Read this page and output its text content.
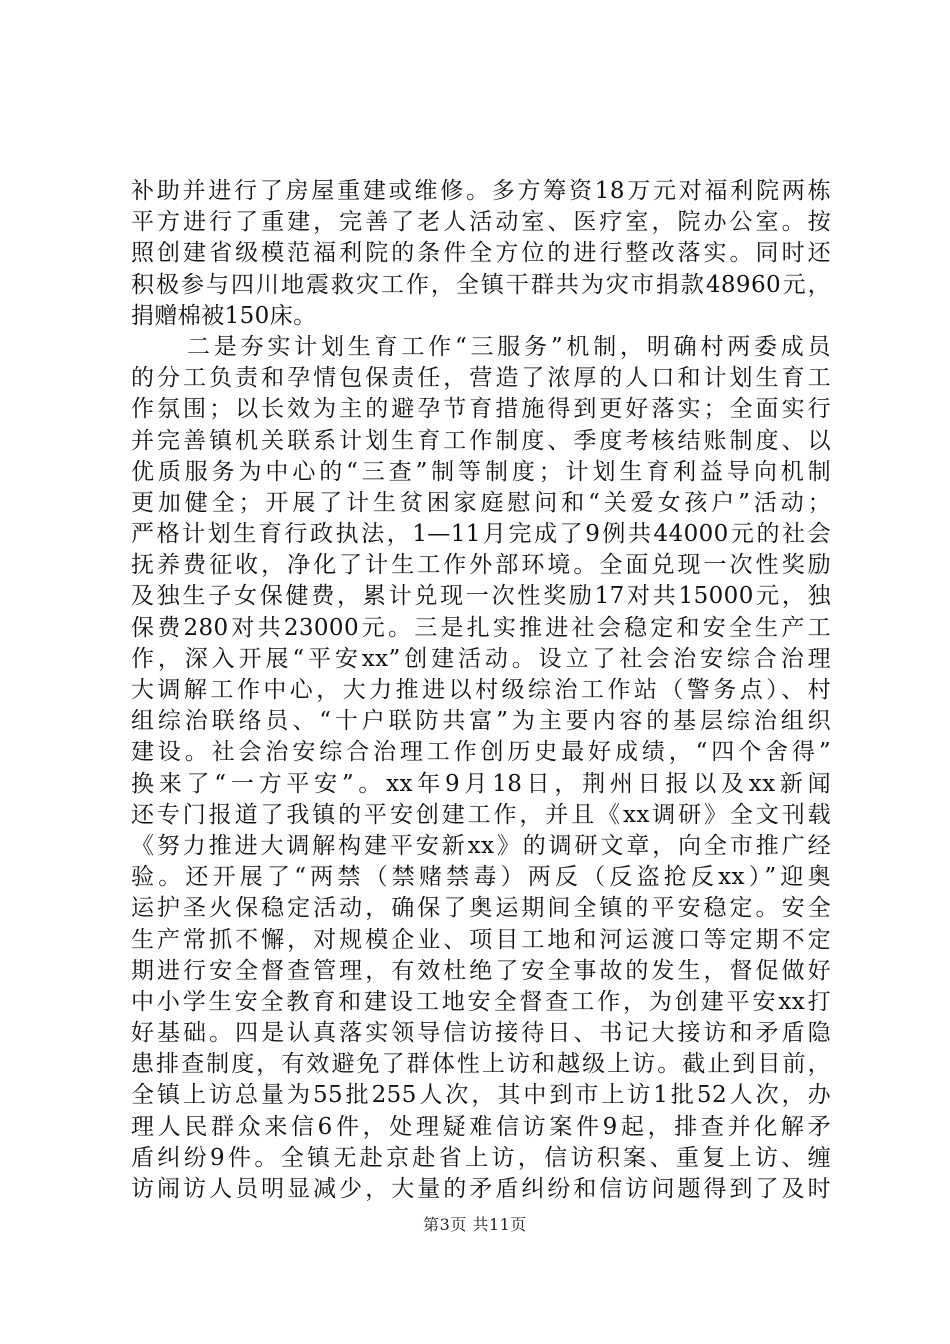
补助并进行了房屋重建或维修。多方筹资18万元对福利院两栋
平方进行了重建，完善了老人活动室、医疗室，院办公室。按
照创建省级模范福利院的条件全方位的进行整改落实。同时还
积极参与四川地震救灾工作，全镇干群共为灾市捐款48960元，
捐赠棉被150床。
二是夯实计划生育工作“三服务”机制，明确村两委成员
的分工负责和孕情包保责任，营造了浓厚的人口和计划生育工
作氛围；以长效为主的避孕节育措施得到更好落实；全面实行
并完善镇机关联系计划生育工作制度、季度考核结账制度、以
优质服务为中心的“三查”制等制度；计划生育利益导向机制
更加健全；开展了计生贫困家庭慰问和“关爱女孩户”活动；
严格计划生育行政执法，1—11月完成了9例共44000元的社会
抚养费征收，净化了计生工作外部环境。全面兑现一次性奖励
及独生子女保健费，累计兑现一次性奖励17对共15000元，独
保费280对共23000元。三是扎实推进社会稳定和安全生产工
作，深入开展“平安xx”创建活动。设立了社会治安综合治理
大调解工作中心，大力推进以村级综治工作站（警务点）、村
组综治联络员、“十户联防共富”为主要内容的基层综治组织
建设。社会治安综合治理工作创历史最好成绩，“四个舍得”
换来了“一方平安”。xx年9月18日，荆州日报以及xx新闻
还专门报道了我镇的平安创建工作，并且《xx调研》全文刊载
《努力推进大调解构建平安新xx》的调研文章，向全市推广经
验。还开展了“两禁（禁赌禁毒）两反（反盗抢反xx）”迎奥
运护圣火保稳定活动，确保了奥运期间全镇的平安稳定。安全
生产常抓不懈，对规模企业、项目工地和河运渡口等定期不定
期进行安全督查管理，有效杜绝了安全事故的发生，督促做好
中小学生安全教育和建设工地安全督查工作，为创建平安xx打
好基础。四是认真落实领导信访接待日、书记大接访和矛盾隐
患排查制度，有效避免了群体性上访和越级上访。截止到目前，
全镇上访总量为55批255人次，其中到市上访1批52人次，办
理人民群众来信6件，处理疑难信访案件9起，排查并化解矛
盾纠纷9件。全镇无赴京赴省上访，信访积案、重复上访、缠
访闹访人员明显减少，大量的矛盾纠纷和信访问题得到了及时
第3页 共11页
